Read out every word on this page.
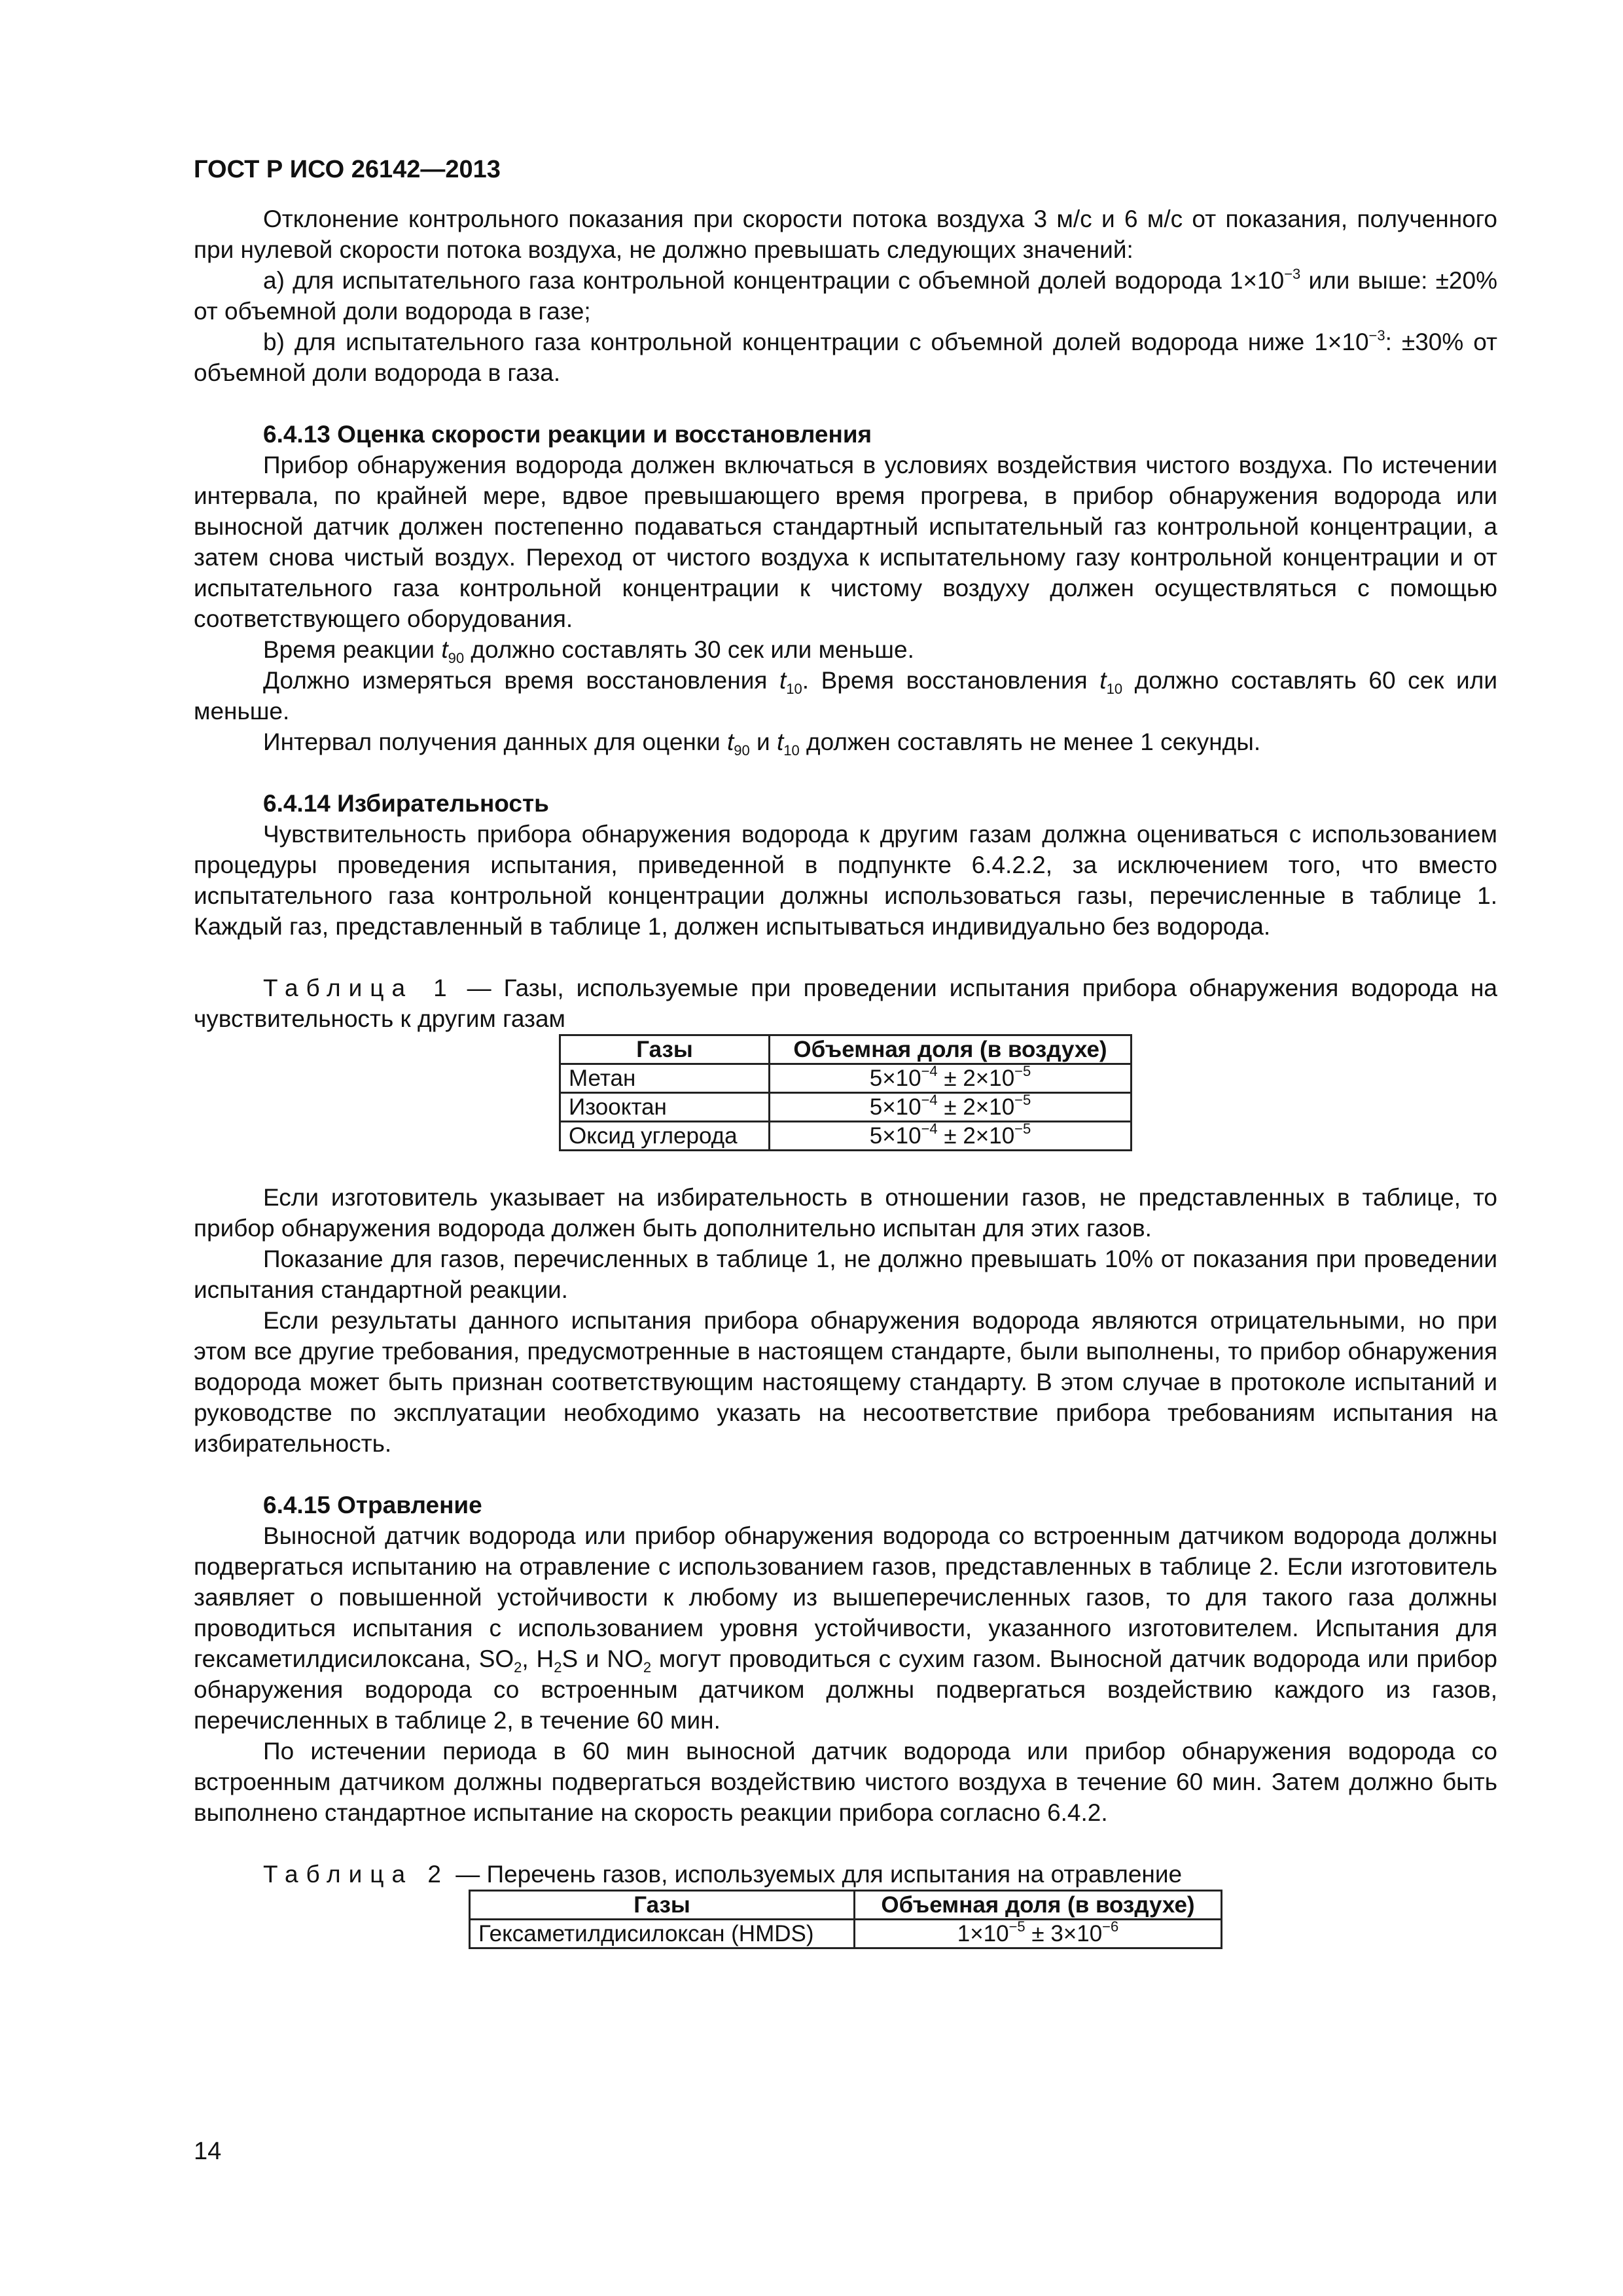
ГОСТ Р ИСО 26142—2013

Отклонение контрольного показания при скорости потока воздуха 3 м/с и 6 м/с от показания, полученного при нулевой скорости потока воздуха, не должно превышать следующих значений:

a) для испытательного газа контрольной концентрации с объемной долей водорода $1\times 10^{-3}$ или выше: ±20% от объемной доли водорода в газе;

b) для испытательного газа контрольной концентрации с объемной долей водорода ниже $1\times 10^{-3}$: ±30% от объемной доли водорода в газа.

6.4.13 Оценка скорости реакции и восстановления

Прибор обнаружения водорода должен включаться в условиях воздействия чистого воздуха. По истечении интервала, по крайней мере, вдвое превышающего время прогрева, в прибор обнаружения водорода или выносной датчик должен постепенно подаваться стандартный испытательный газ контрольной концентрации, а затем снова чистый воздух. Переход от чистого воздуха к испытательному газу контрольной концентрации и от испытательного газа контрольной концентрации к чистому воздуху должен осуществляться с помощью соответствующего оборудования.

Время реакции $t_{90}$ должно составлять 30 сек или меньше.

Должно измеряться время восстановления $t_{10}$. Время восстановления $t_{10}$ должно составлять 60 сек или меньше.

Интервал получения данных для оценки $t_{90}$ и $t_{10}$ должен составлять не менее 1 секунды.

6.4.14 Избирательность

Чувствительность прибора обнаружения водорода к другим газам должна оцениваться с использованием процедуры проведения испытания, приведенной в подпункте 6.4.2.2, за исключением того, что вместо испытательного газа контрольной концентрации должны использоваться газы, перечисленные в таблице 1. Каждый газ, представленный в таблице 1, должен испытываться индивидуально без водорода.

Таблица 1 — Газы, используемые при проведении испытания прибора обнаружения водорода на чувствительность к другим газам

Газы	Объемная доля (в воздухе)
Метан	$5\times 10^{-4} \pm 2\times 10^{-5}$
Изооктан	$5\times 10^{-4} \pm 2\times 10^{-5}$
Оксид углерода	$5\times 10^{-4} \pm 2\times 10^{-5}$

Если изготовитель указывает на избирательность в отношении газов, не представленных в таблице, то прибор обнаружения водорода должен быть дополнительно испытан для этих газов.

Показание для газов, перечисленных в таблице 1, не должно превышать 10% от показания при проведении испытания стандартной реакции.

Если результаты данного испытания прибора обнаружения водорода являются отрицательными, но при этом все другие требования, предусмотренные в настоящем стандарте, были выполнены, то прибор обнаружения водорода может быть признан соответствующим настоящему стандарту. В этом случае в протоколе испытаний и руководстве по эксплуатации необходимо указать на несоответствие прибора требованиям испытания на избирательность.

6.4.15 Отравление

Выносной датчик водорода или прибор обнаружения водорода со встроенным датчиком водорода должны подвергаться испытанию на отравление с использованием газов, представленных в таблице 2. Если изготовитель заявляет о повышенной устойчивости к любому из вышеперечисленных газов, то для такого газа должны проводиться испытания с использованием уровня устойчивости, указанного изготовителем. Испытания для гексаметилдисилоксана, $SO_2$, $H_2S$ и $NO_2$ могут проводиться с сухим газом. Выносной датчик водорода или прибор обнаружения водорода со встроенным датчиком должны подвергаться воздействию каждого из газов, перечисленных в таблице 2, в течение 60 мин.

По истечении периода в 60 мин выносной датчик водорода или прибор обнаружения водорода со встроенным датчиком должны подвергаться воздействию чистого воздуха в течение 60 мин. Затем должно быть выполнено стандартное испытание на скорость реакции прибора согласно 6.4.2.

Таблица 2 — Перечень газов, используемых для испытания на отравление

Газы	Объемная доля (в воздухе)
Гексаметилдисилоксан (HMDS)	$1\times 10^{-5} \pm 3\times 10^{-6}$
14
